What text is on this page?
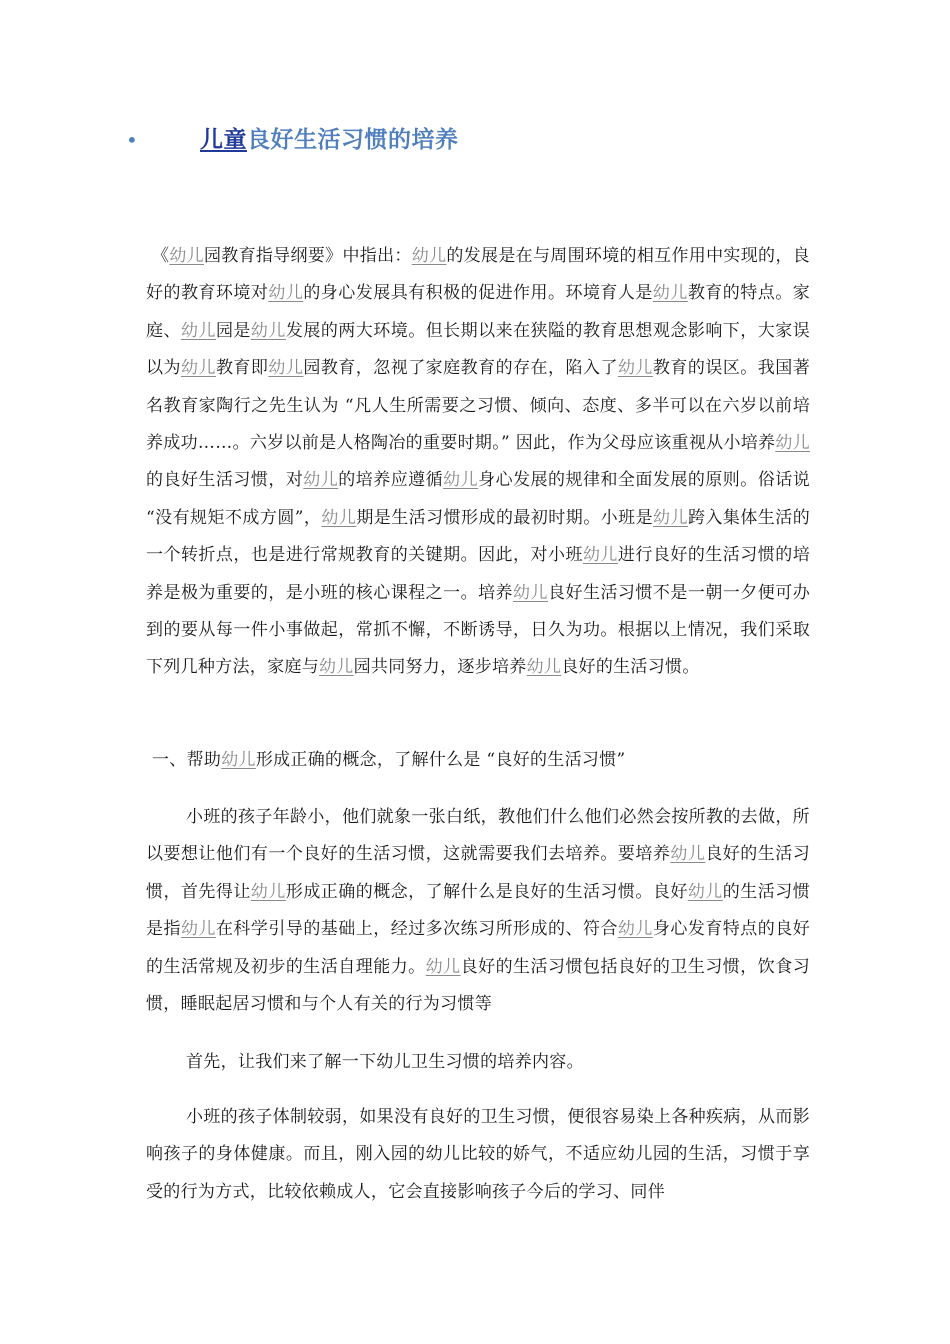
•	儿童良好生活习惯的培养
《幼儿园教育指导纲要》中指出：幼儿的发展是在与周围环境的相互作用中实现的，良好的教育环境对幼儿的身心发展具有积极的促进作用。环境育人是幼儿教育的特点。家庭、幼儿园是幼儿发展的两大环境。但长期以来在狭隘的教育思想观念影响下，大家误以为幼儿教育即幼儿园教育，忽视了家庭教育的存在，陷入了幼儿教育的误区。我国著名教育家陶行之先生认为 “凡人生所需要之习惯、倾向、态度、多半可以在六岁以前培养成功……。六岁以前是人格陶冶的重要时期。” 因此，作为父母应该重视从小培养幼儿的良好生活习惯，对幼儿的培养应遵循幼儿身心发展的规律和全面发展的原则。俗话说 “没有规矩不成方圆”，幼儿期是生活习惯形成的最初时期。小班是幼儿跨入集体生活的一个转折点，也是进行常规教育的关键期。因此，对小班幼儿进行良好的生活习惯的培养是极为重要的，是小班的核心课程之一。培养幼儿良好生活习惯不是一朝一夕便可办到的要从每一件小事做起，常抓不懈，不断诱导，日久为功。根据以上情况，我们采取下列几种方法，家庭与幼儿园共同努力，逐步培养幼儿良好的生活习惯。
一、帮助幼儿形成正确的概念，了解什么是 “良好的生活习惯”
小班的孩子年龄小，他们就象一张白纸，教他们什么他们必然会按所教的去做，所以要想让他们有一个良好的生活习惯，这就需要我们去培养。要培养幼儿良好的生活习惯，首先得让幼儿形成正确的概念，了解什么是良好的生活习惯。良好幼儿的生活习惯是指幼儿在科学引导的基础上，经过多次练习所形成的、符合幼儿身心发育特点的良好的生活常规及初步的生活自理能力。幼儿良好的生活习惯包括良好的卫生习惯，饮食习惯，睡眠起居习惯和与个人有关的行为习惯等
首先，让我们来了解一下幼儿卫生习惯的培养内容。
小班的孩子体制较弱，如果没有良好的卫生习惯，便很容易染上各种疾病，从而影响孩子的身体健康。而且，刚入园的幼儿比较的娇气，不适应幼儿园的生活，习惯于享受的行为方式，比较依赖成人，它会直接影响孩子今后的学习、同伴
